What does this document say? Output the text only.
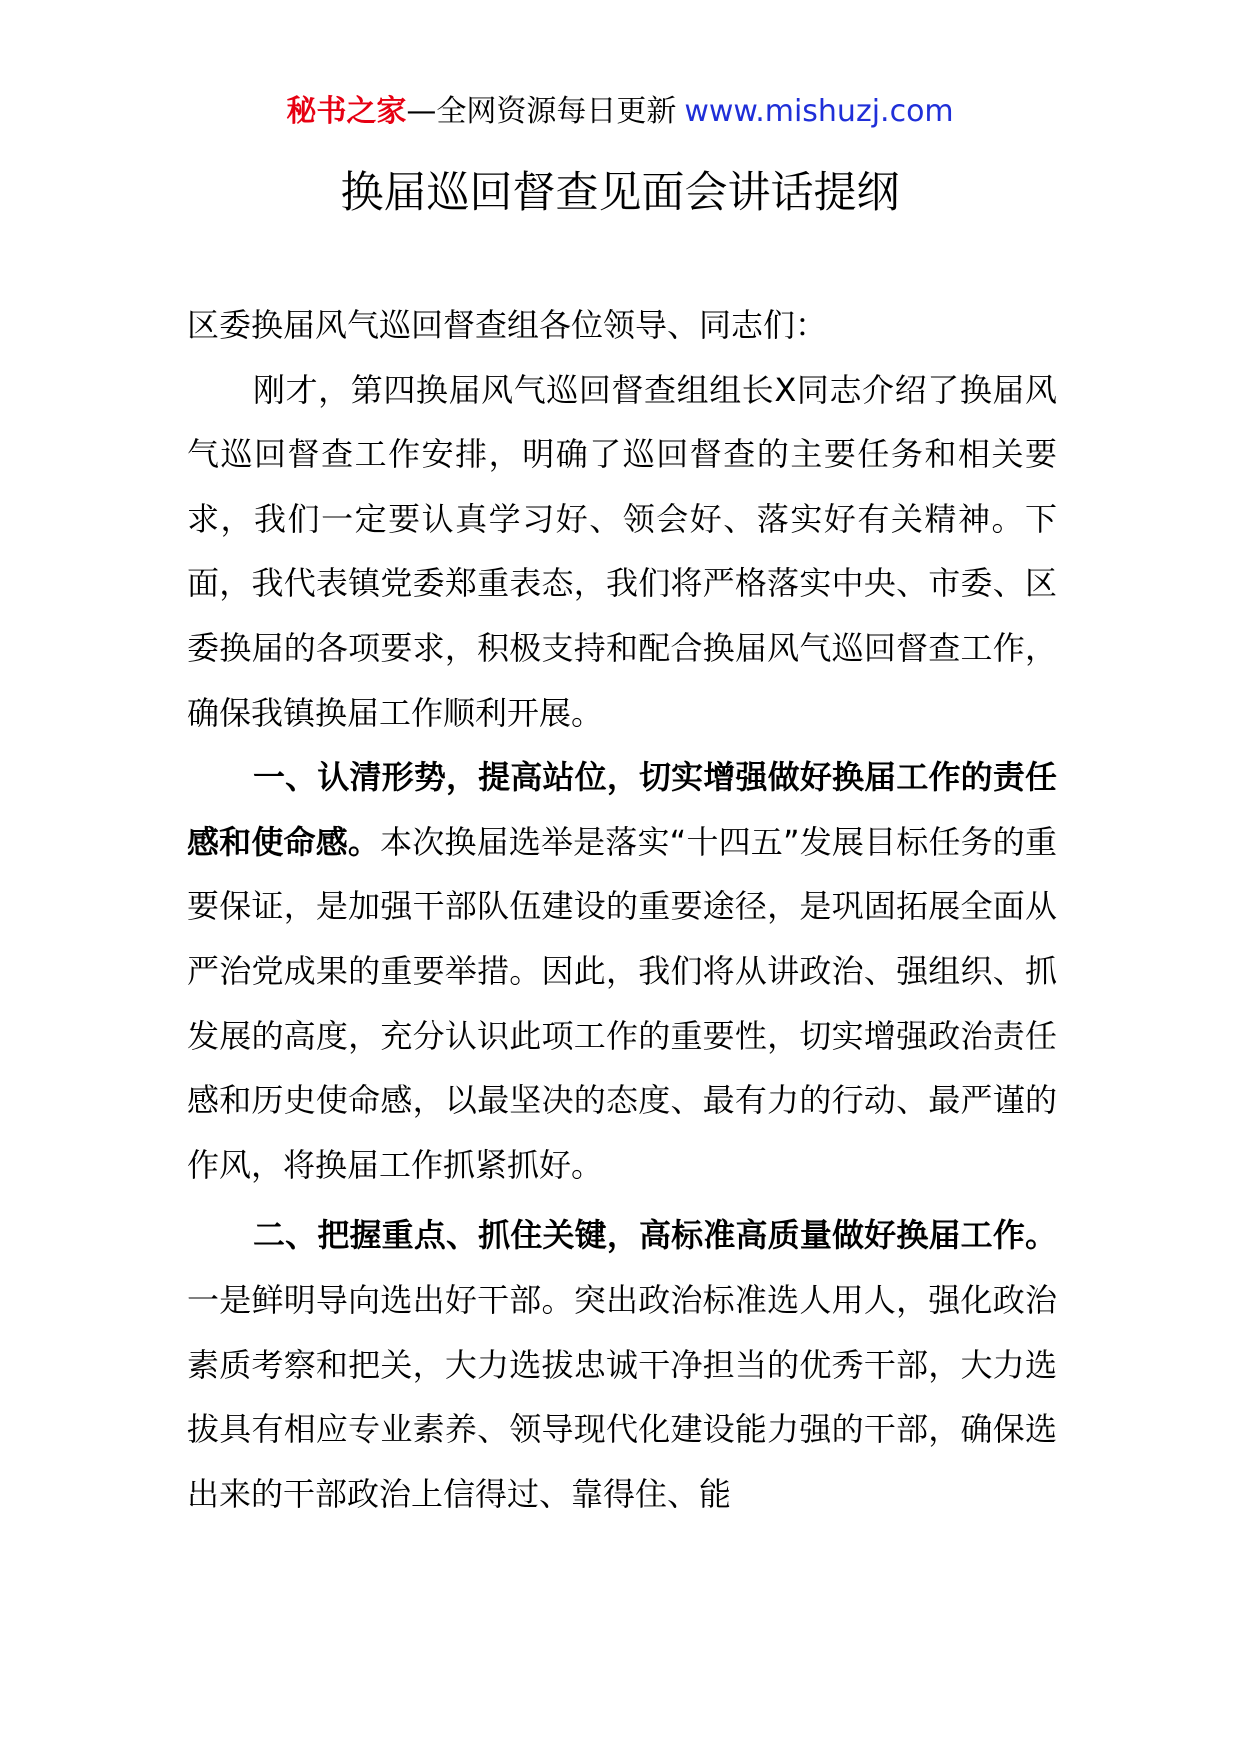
秘书之家—全网资源每日更新 www.mishuzj.com
换届巡回督查见面会讲话提纲

区委换届风气巡回督查组各位领导、同志们：

刚才，第四换届风气巡回督查组组长X同志介绍了换届风气巡回督查工作安排，明确了巡回督查的主要任务和相关要求，我们一定要认真学习好、领会好、落实好有关精神。下面，我代表镇党委郑重表态，我们将严格落实中央、市委、区委换届的各项要求，积极支持和配合换届风气巡回督查工作，确保我镇换届工作顺利开展。

一、认清形势，提高站位，切实增强做好换届工作的责任感和使命感。本次换届选举是落实“十四五”发展目标任务的重要保证，是加强干部队伍建设的重要途径，是巩固拓展全面从严治党成果的重要举措。因此，我们将从讲政治、强组织、抓发展的高度，充分认识此项工作的重要性，切实增强政治责任感和历史使命感，以最坚决的态度、最有力的行动、最严谨的作风，将换届工作抓紧抓好。

二、把握重点、抓住关键，高标准高质量做好换届工作。一是鲜明导向选出好干部。突出政治标准选人用人，强化政治素质考察和把关，大力选拔忠诚干净担当的优秀干部，大力选拔具有相应专业素养、领导现代化建设能力强的干部，确保选出来的干部政治上信得过、靠得住、能
